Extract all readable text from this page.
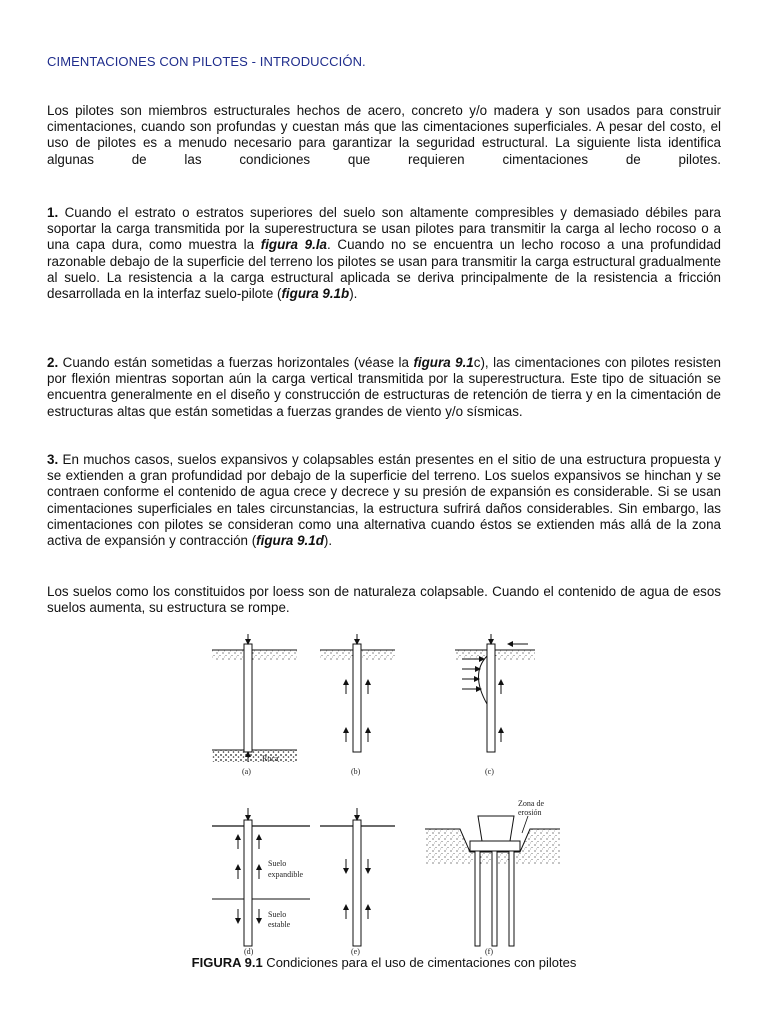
CIMENTACIONES CON PILOTES - INTRODUCCIÓN.

Los pilotes son miembros estructurales hechos de acero, concreto y/o madera y son usados para construir cimentaciones, cuando son profundas y cuestan más que las cimentaciones superficiales. A pesar del costo, el uso de pilotes es a menudo necesario para garantizar la seguridad estructural. La siguiente lista identifica algunas de las condiciones que requieren cimentaciones de pilotes.

1. Cuando el estrato o estratos superiores del suelo son altamente compresibles y demasiado débiles para soportar la carga transmitida por la superestructura se usan pilotes para transmitir la carga al lecho rocoso o a una capa dura, como muestra la figura 9.la. Cuando no se encuentra un lecho rocoso a una profundidad razonable debajo de la superficie del terreno los pilotes se usan para transmitir la carga estructural gradualmente al suelo. La resistencia a la carga estructural aplicada se deriva principalmente de la resistencia a fricción desarrollada en la interfaz suelo-pilote (figura 9.1b).

2. Cuando están sometidas a fuerzas horizontales (véase la figura 9.1c), las cimentaciones con pilotes resisten por flexión mientras soportan aún la carga vertical transmitida por la superestructura. Este tipo de situación se encuentra generalmente en el diseño y construcción de estructuras de retención de tierra y en la cimentación de estructuras altas que están sometidas a fuerzas grandes de viento y/o sísmicas.

3. En muchos casos, suelos expansivos y colapsables están presentes en el sitio de una estructura propuesta y se extienden a gran profundidad por debajo de la superficie del terreno. Los suelos expansivos se hinchan y se contraen conforme el contenido de agua crece y decrece y su presión de expansión es considerable. Si se usan cimentaciones superficiales en tales circunstancias, la estructura sufrirá daños considerables. Sin embargo, las cimentaciones con pilotes se consideran como una alternativa cuando éstos se extienden más allá de la zona activa de expansión y contracción (figura 9.1d).

Los suelos como los constituidos por loess son de naturaleza colapsable. Cuando el contenido de agua de esos suelos aumenta, su estructura se rompe.

Roca
(a)	(b)	(c)
Suelo
expandible
Suelo
estable
(d)	(e)
Zona de
erosión
(f)
FIGURA 9.1 Condiciones para el uso de cimentaciones con pilotes
